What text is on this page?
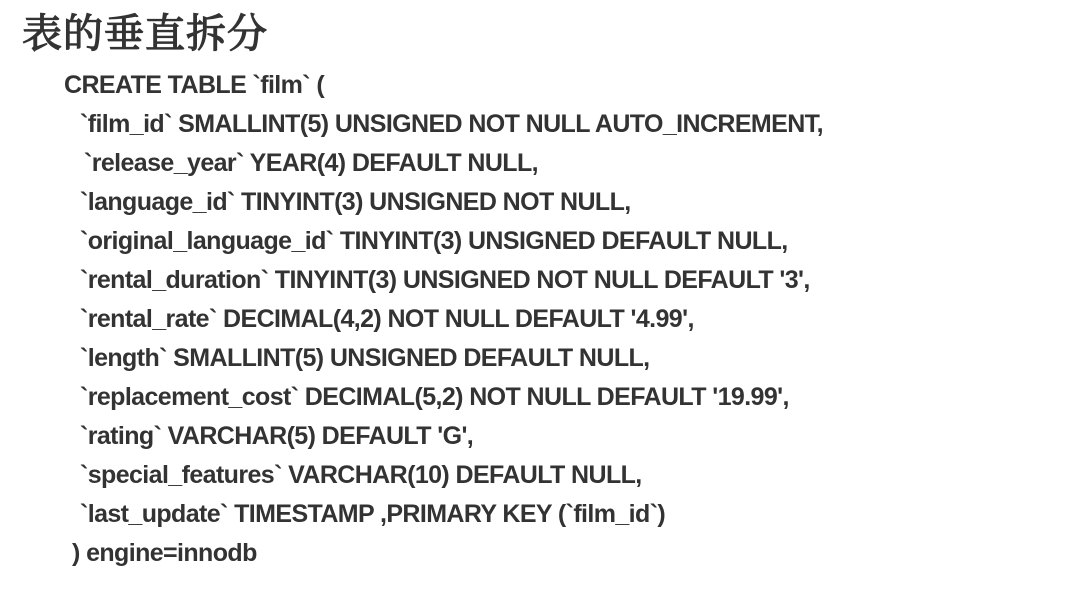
表的垂直拆分
CREATE TABLE `film` (
`film_id` SMALLINT(5) UNSIGNED NOT NULL AUTO_INCREMENT,
`release_year` YEAR(4) DEFAULT NULL,
`language_id` TINYINT(3) UNSIGNED NOT NULL,
`original_language_id` TINYINT(3) UNSIGNED DEFAULT NULL,
`rental_duration` TINYINT(3) UNSIGNED NOT NULL DEFAULT '3',
`rental_rate` DECIMAL(4,2) NOT NULL DEFAULT '4.99',
`length` SMALLINT(5) UNSIGNED DEFAULT NULL,
`replacement_cost` DECIMAL(5,2) NOT NULL DEFAULT '19.99',
`rating` VARCHAR(5) DEFAULT 'G',
`special_features` VARCHAR(10) DEFAULT NULL,
`last_update` TIMESTAMP ,PRIMARY KEY (`film_id`)
) engine=innodb
